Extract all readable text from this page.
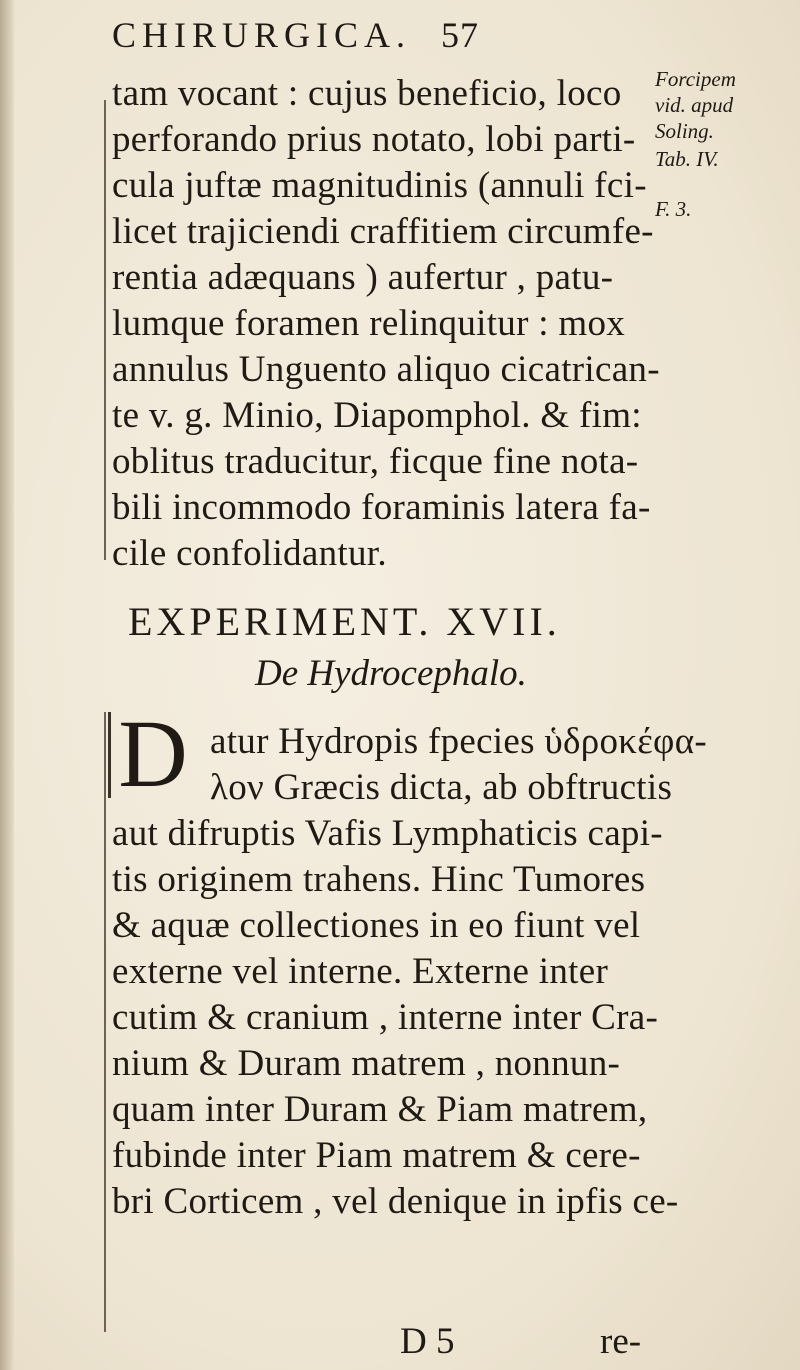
CHIRURGICA. 57
Forcipem
vid. apud
Soling.
Tab. IV.
F. 3.
tam vocant : cujus beneficio, loco
perforando prius notato, lobi parti-
cula juftæ magnitudinis (annuli fci-
licet trajiciendi craffitiem circumfe-
rentia adæquans ) aufertur , patu-
lumque foramen relinquitur : mox
annulus Unguento aliquo cicatrican-
te v. g. Minio, Diapomphol. & fim:
oblitus traducitur, ficque fine nota-
bili incommodo foraminis latera fa-
cile confolidantur.
EXPERIMENT. XVII.
De Hydrocephalo.
D atur Hydropis fpecies ὑδροκέφα-
λον Græcis dicta, ab obftructis
aut difruptis Vafis Lymphaticis capi-
tis originem trahens. Hinc Tumores
& aquæ collectiones in eo fiunt vel
externe vel interne. Externe inter
cutim & cranium , interne inter Cra-
nium & Duram matrem , nonnun-
quam inter Duram & Piam matrem,
fubinde inter Piam matrem & cere-
bri Corticem , vel denique in ipfis ce-
D 5	re-
